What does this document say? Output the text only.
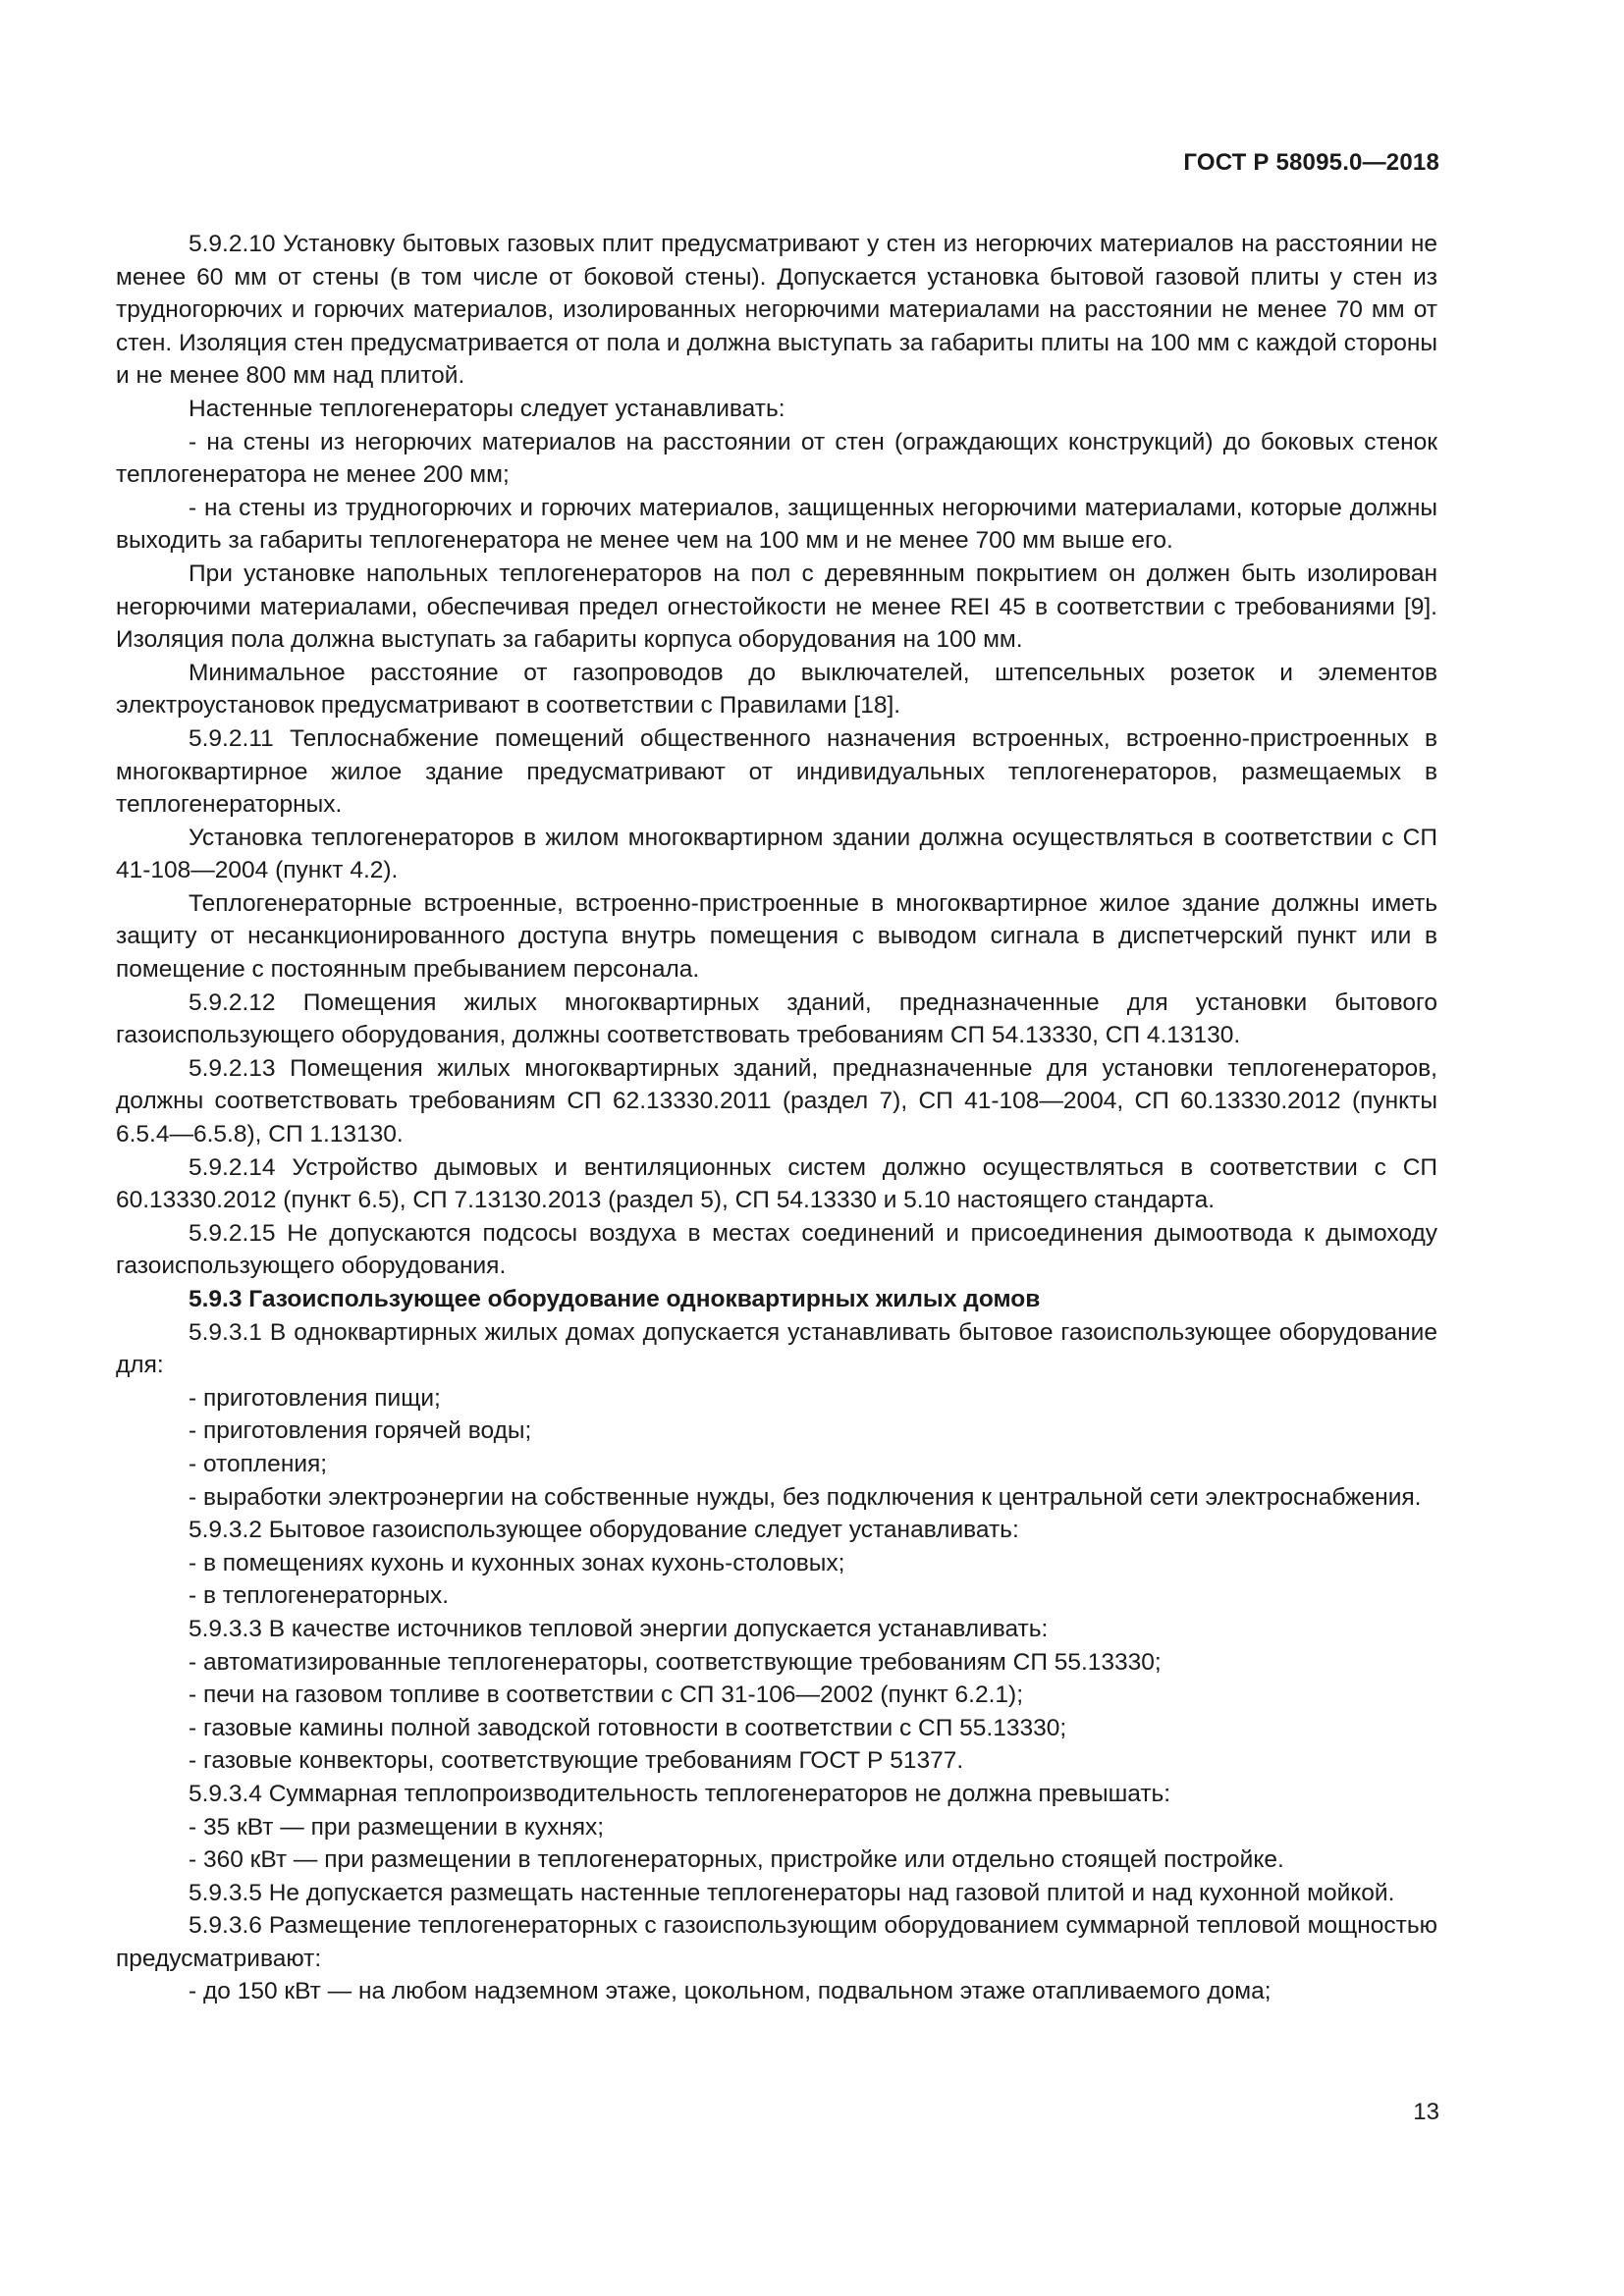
ГОСТ Р 58095.0—2018

5.9.2.10 Установку бытовых газовых плит предусматривают у стен из негорючих материалов на расстоянии не менее 60 мм от стены (в том числе от боковой стены). Допускается установка бытовой газовой плиты у стен из трудногорючих и горючих материалов, изолированных негорючими материалами на расстоянии не менее 70 мм от стен. Изоляция стен предусматривается от пола и должна выступать за габариты плиты на 100 мм с каждой стороны и не менее 800 мм над плитой.

Настенные теплогенераторы следует устанавливать:

- на стены из негорючих материалов на расстоянии от стен (ограждающих конструкций) до боковых стенок теплогенератора не менее 200 мм;

- на стены из трудногорючих и горючих материалов, защищенных негорючими материалами, которые должны выходить за габариты теплогенератора не менее чем на 100 мм и не менее 700 мм выше его.

При установке напольных теплогенераторов на пол с деревянным покрытием он должен быть изолирован негорючими материалами, обеспечивая предел огнестойкости не менее REI 45 в соответствии с требованиями [9]. Изоляция пола должна выступать за габариты корпуса оборудования на 100 мм.

Минимальное расстояние от газопроводов до выключателей, штепсельных розеток и элементов электроустановок предусматривают в соответствии с Правилами [18].

5.9.2.11 Теплоснабжение помещений общественного назначения встроенных, встроенно-пристроенных в многоквартирное жилое здание предусматривают от индивидуальных теплогенераторов, размещаемых в теплогенераторных.

Установка теплогенераторов в жилом многоквартирном здании должна осуществляться в соответствии с СП 41-108—2004 (пункт 4.2).

Теплогенераторные встроенные, встроенно-пристроенные в многоквартирное жилое здание должны иметь защиту от несанкционированного доступа внутрь помещения с выводом сигнала в диспетчерский пункт или в помещение с постоянным пребыванием персонала.

5.9.2.12 Помещения жилых многоквартирных зданий, предназначенные для установки бытового газоиспользующего оборудования, должны соответствовать требованиям СП 54.13330, СП 4.13130.

5.9.2.13 Помещения жилых многоквартирных зданий, предназначенные для установки теплогенераторов, должны соответствовать требованиям СП 62.13330.2011 (раздел 7), СП 41-108—2004, СП 60.13330.2012 (пункты 6.5.4—6.5.8), СП 1.13130.

5.9.2.14 Устройство дымовых и вентиляционных систем должно осуществляться в соответствии с СП 60.13330.2012 (пункт 6.5), СП 7.13130.2013 (раздел 5), СП 54.13330 и 5.10 настоящего стандарта.

5.9.2.15 Не допускаются подсосы воздуха в местах соединений и присоединения дымоотвода к дымоходу газоиспользующего оборудования.

5.9.3 Газоиспользующее оборудование одноквартирных жилых домов

5.9.3.1 В одноквартирных жилых домах допускается устанавливать бытовое газоиспользующее оборудование для:

- приготовления пищи;

- приготовления горячей воды;

- отопления;

- выработки электроэнергии на собственные нужды, без подключения к центральной сети электроснабжения.

5.9.3.2 Бытовое газоиспользующее оборудование следует устанавливать:

- в помещениях кухонь и кухонных зонах кухонь-столовых;

- в теплогенераторных.

5.9.3.3 В качестве источников тепловой энергии допускается устанавливать:

- автоматизированные теплогенераторы, соответствующие требованиям СП 55.13330;

- печи на газовом топливе в соответствии с СП 31-106—2002 (пункт 6.2.1);

- газовые камины полной заводской готовности в соответствии с СП 55.13330;

- газовые конвекторы, соответствующие требованиям ГОСТ Р 51377.

5.9.3.4 Суммарная теплопроизводительность теплогенераторов не должна превышать:

- 35 кВт — при размещении в кухнях;

- 360 кВт — при размещении в теплогенераторных, пристройке или отдельно стоящей постройке.

5.9.3.5 Не допускается размещать настенные теплогенераторы над газовой плитой и над кухонной мойкой.

5.9.3.6 Размещение теплогенераторных с газоиспользующим оборудованием суммарной тепловой мощностью предусматривают:

- до 150 кВт — на любом надземном этаже, цокольном, подвальном этаже отапливаемого дома;

13
